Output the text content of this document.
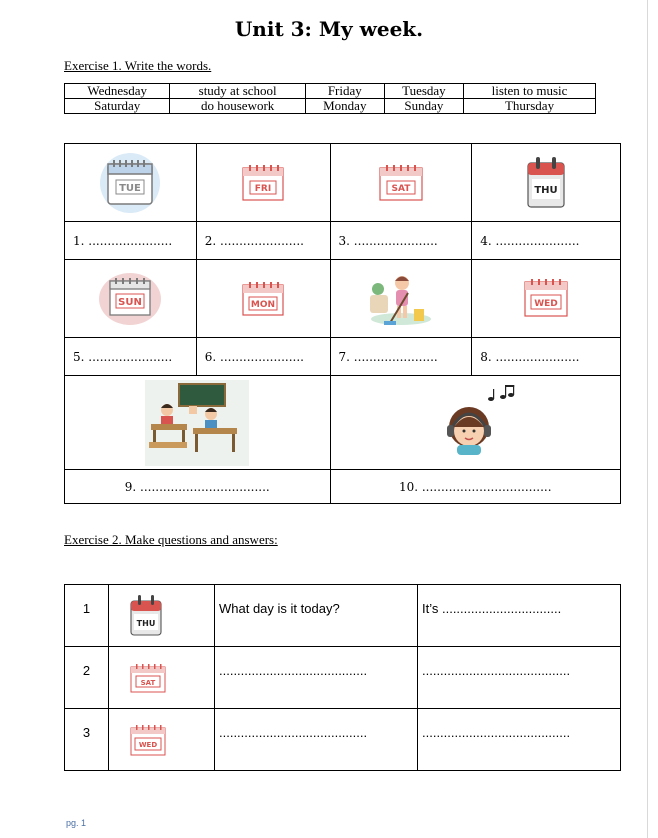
Unit 3: My week.
Exercise 1. Write the words.
Wednesday	study at school	Friday	Tuesday	listen to music
Saturday	do housework	Monday	Sunday	Thursday
TUE	FRI	SAT	THU

1. ......................	2. ......................	3. ......................	4. ......................

SUN	MON		WED

5. ......................	6. ......................	7. ......................	8. ......................

9. ..................................		10. ..................................	
Exercise 2. Make questions and answers:
1	THU	What day is it today?	It’s .................................
2	SAT	.........................................	.........................................
3	WED	.........................................	.........................................
pg. 1
